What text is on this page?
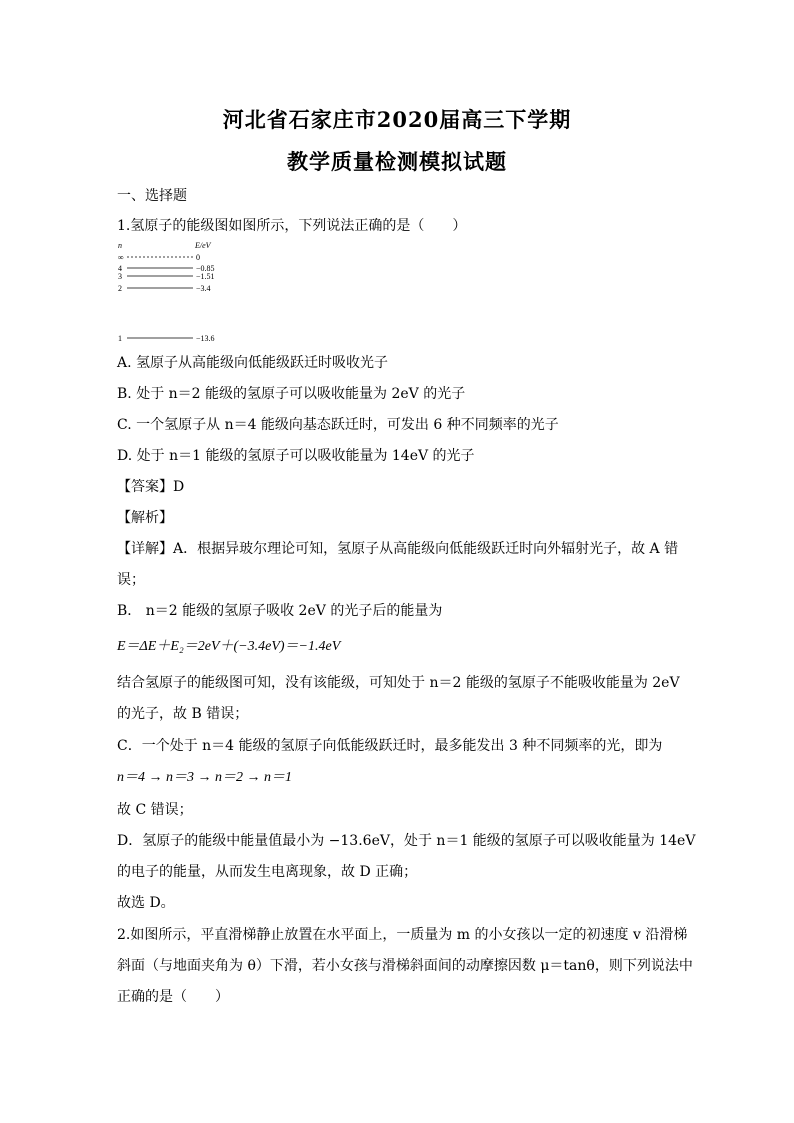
河北省石家庄市2020届高三下学期
教学质量检测模拟试题
一、选择题
1.氢原子的能级图如图所示，下列说法正确的是（　　）
n	E/eV
∞	0
4	−0.85
3	−1.51
2	−3.4
1	−13.6
A. 氢原子从高能级向低能级跃迁时吸收光子
B. 处于 n＝2 能级的氢原子可以吸收能量为 2eV 的光子
C. 一个氢原子从 n＝4 能级向基态跃迁时，可发出 6 种不同频率的光子
D. 处于 n＝1 能级的氢原子可以吸收能量为 14eV 的光子
【答案】D
【解析】
【详解】A．根据异玻尔理论可知，氢原子从高能级向低能级跃迁时向外辐射光子，故 A 错
误；
B． n＝2 能级的氢原子吸收 2eV 的光子后的能量为
E＝ΔE＋E₂＝2eV＋(−3.4eV)＝−1.4eV
结合氢原子的能级图可知，没有该能级，可知处于 n＝2 能级的氢原子不能吸收能量为 2eV
的光子，故 B 错误；
C．一个处于 n＝4 能级的氢原子向低能级跃迁时，最多能发出 3 种不同频率的光，即为
n＝4 → n＝3 → n＝2 → n＝1
故 C 错误；
D．氢原子的能级中能量值最小为 −13.6eV，处于 n＝1 能级的氢原子可以吸收能量为 14eV
的电子的能量，从而发生电离现象，故 D 正确；
故选 D。
2.如图所示，平直滑梯静止放置在水平面上，一质量为 m 的小女孩以一定的初速度 v 沿滑梯
斜面（与地面夹角为 θ）下滑，若小女孩与滑梯斜面间的动摩擦因数 μ＝tanθ，则下列说法中
正确的是（　　）
